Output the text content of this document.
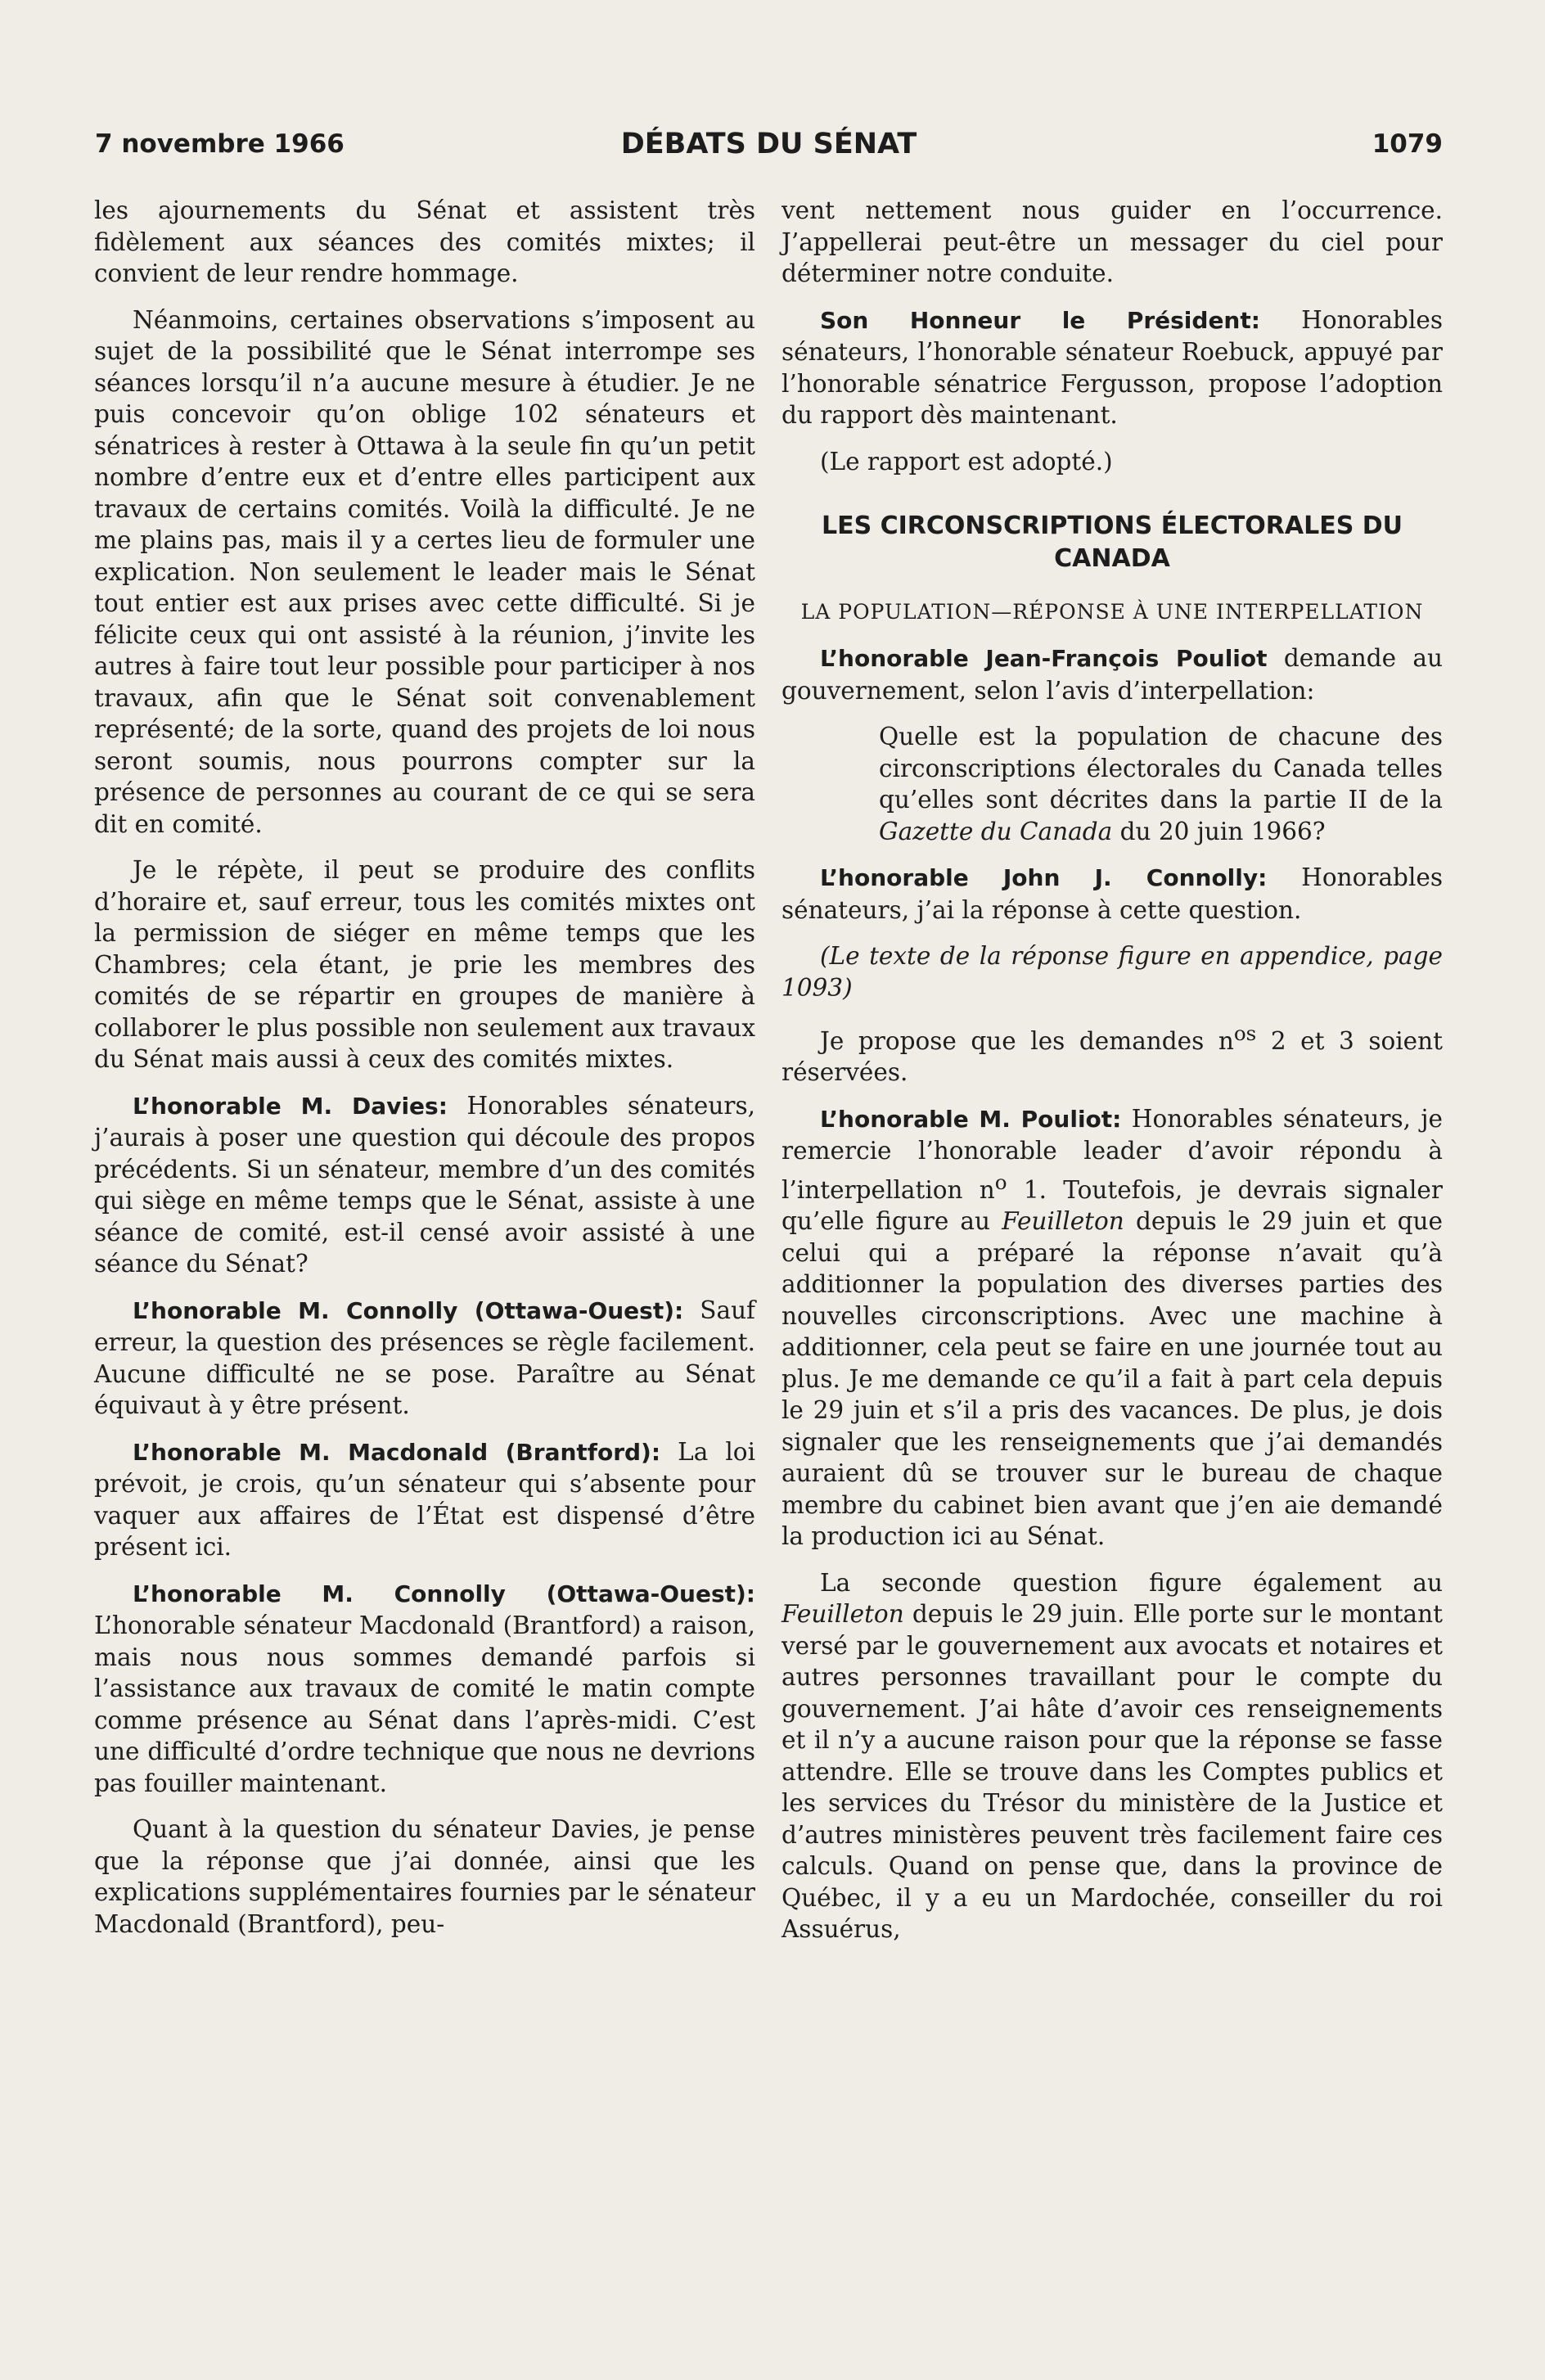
7 novembre 1966	DÉBATS DU SÉNAT	1079

les ajournements du Sénat et assistent très fidèlement aux séances des comités mixtes; il convient de leur rendre hommage.

Néanmoins, certaines observations s’imposent au sujet de la possibilité que le Sénat interrompe ses séances lorsqu’il n’a aucune mesure à étudier. Je ne puis concevoir qu’on oblige 102 sénateurs et sénatrices à rester à Ottawa à la seule fin qu’un petit nombre d’entre eux et d’entre elles participent aux travaux de certains comités. Voilà la difficulté. Je ne me plains pas, mais il y a certes lieu de formuler une explication. Non seulement le leader mais le Sénat tout entier est aux prises avec cette difficulté. Si je félicite ceux qui ont assisté à la réunion, j’invite les autres à faire tout leur possible pour participer à nos travaux, afin que le Sénat soit convenablement représenté; de la sorte, quand des projets de loi nous seront soumis, nous pourrons compter sur la présence de personnes au courant de ce qui se sera dit en comité.

Je le répète, il peut se produire des conflits d’horaire et, sauf erreur, tous les comités mixtes ont la permission de siéger en même temps que les Chambres; cela étant, je prie les membres des comités de se répartir en groupes de manière à collaborer le plus possible non seulement aux travaux du Sénat mais aussi à ceux des comités mixtes.

L’honorable M. Davies: Honorables sénateurs, j’aurais à poser une question qui découle des propos précédents. Si un sénateur, membre d’un des comités qui siège en même temps que le Sénat, assiste à une séance de comité, est-il censé avoir assisté à une séance du Sénat?

L’honorable M. Connolly (Ottawa-Ouest): Sauf erreur, la question des présences se règle facilement. Aucune difficulté ne se pose. Paraître au Sénat équivaut à y être présent.

L’honorable M. Macdonald (Brantford): La loi prévoit, je crois, qu’un sénateur qui s’absente pour vaquer aux affaires de l’État est dispensé d’être présent ici.

L’honorable M. Connolly (Ottawa-Ouest): L’honorable sénateur Macdonald (Brantford) a raison, mais nous nous sommes demandé parfois si l’assistance aux travaux de comité le matin compte comme présence au Sénat dans l’après-midi. C’est une difficulté d’ordre technique que nous ne devrions pas fouiller maintenant.

Quant à la question du sénateur Davies, je pense que la réponse que j’ai donnée, ainsi que les explications supplémentaires fournies par le sénateur Macdonald (Brantford), peu-

vent nettement nous guider en l’occurrence. J’appellerai peut-être un messager du ciel pour déterminer notre conduite.

Son Honneur le Président: Honorables sénateurs, l’honorable sénateur Roebuck, appuyé par l’honorable sénatrice Fergusson, propose l’adoption du rapport dès maintenant.

(Le rapport est adopté.)

LES CIRCONSCRIPTIONS ÉLECTORALES DU CANADA
LA POPULATION—RÉPONSE À UNE INTERPELLATION

L’honorable Jean-François Pouliot demande au gouvernement, selon l’avis d’interpellation:

Quelle est la population de chacune des circonscriptions électorales du Canada telles qu’elles sont décrites dans la partie II de la Gazette du Canada du 20 juin 1966?

L’honorable John J. Connolly: Honorables sénateurs, j’ai la réponse à cette question.

(Le texte de la réponse figure en appendice, page 1093)

Je propose que les demandes $n^{os}$ 2 et 3 soient réservées.

L’honorable M. Pouliot: Honorables sénateurs, je remercie l’honorable leader d’avoir répondu à l’interpellation $n^o$ 1. Toutefois, je devrais signaler qu’elle figure au Feuilleton depuis le 29 juin et que celui qui a préparé la réponse n’avait qu’à additionner la population des diverses parties des nouvelles circonscriptions. Avec une machine à additionner, cela peut se faire en une journée tout au plus. Je me demande ce qu’il a fait à part cela depuis le 29 juin et s’il a pris des vacances. De plus, je dois signaler que les renseignements que j’ai demandés auraient dû se trouver sur le bureau de chaque membre du cabinet bien avant que j’en aie demandé la production ici au Sénat.

La seconde question figure également au Feuilleton depuis le 29 juin. Elle porte sur le montant versé par le gouvernement aux avocats et notaires et autres personnes travaillant pour le compte du gouvernement. J’ai hâte d’avoir ces renseignements et il n’y a aucune raison pour que la réponse se fasse attendre. Elle se trouve dans les Comptes publics et les services du Trésor du ministère de la Justice et d’autres ministères peuvent très facilement faire ces calculs. Quand on pense que, dans la province de Québec, il y a eu un Mardochée, conseiller du roi Assuérus,
